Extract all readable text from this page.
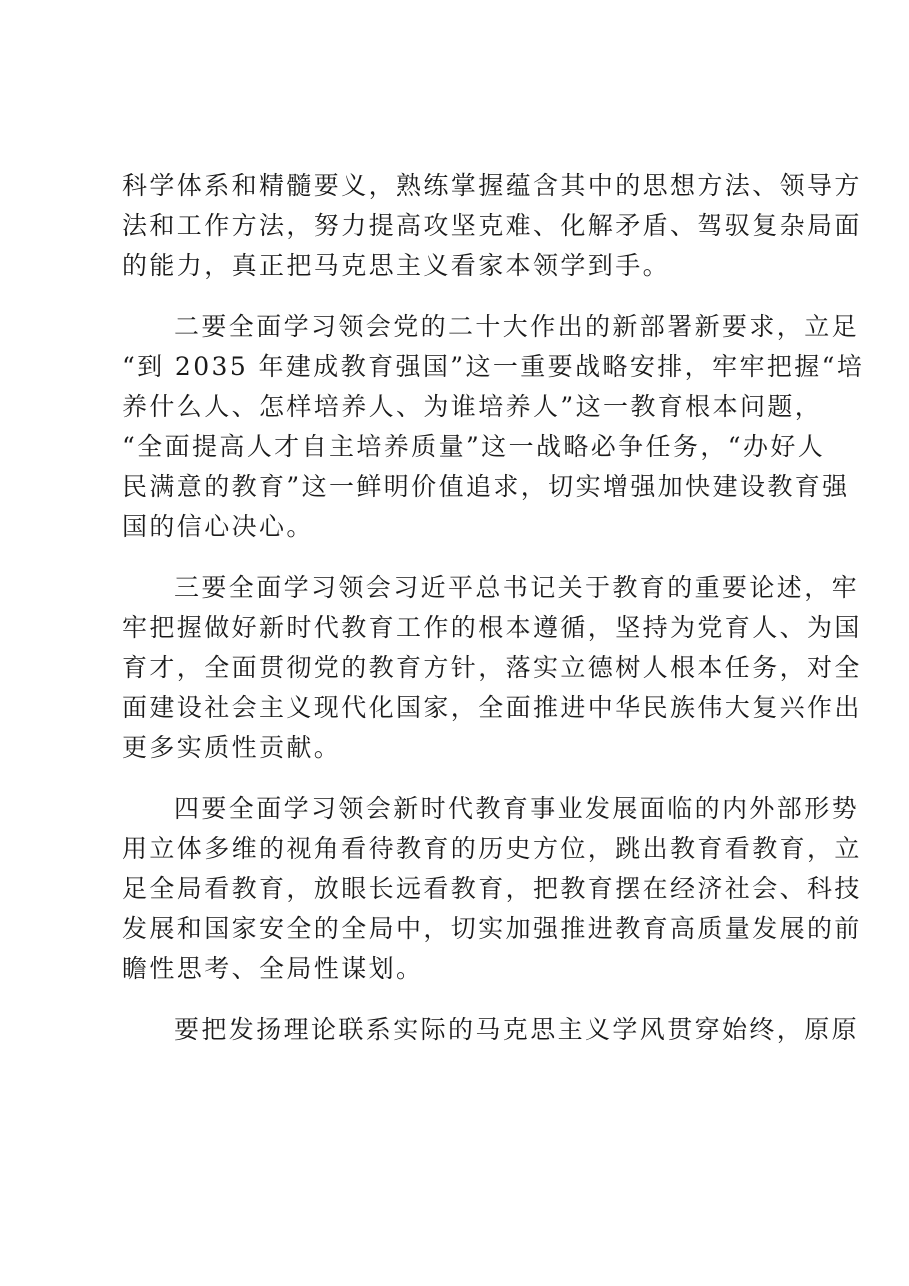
科学体系和精髓要义，熟练掌握蕴含其中的思想方法、领导方
法和工作方法，努力提高攻坚克难、化解矛盾、驾驭复杂局面
的能力，真正把马克思主义看家本领学到手。
二要全面学习领会党的二十大作出的新部署新要求，立足
“到 2035 年建成教育强国”这一重要战略安排，牢牢把握“培
养什么人、怎样培养人、为谁培养人”这一教育根本问题，
“全面提高人才自主培养质量”这一战略必争任务，“办好人
民满意的教育”这一鲜明价值追求，切实增强加快建设教育强
国的信心决心。
三要全面学习领会习近平总书记关于教育的重要论述，牢
牢把握做好新时代教育工作的根本遵循，坚持为党育人、为国
育才，全面贯彻党的教育方针，落实立德树人根本任务，对全
面建设社会主义现代化国家，全面推进中华民族伟大复兴作出
更多实质性贡献。
四要全面学习领会新时代教育事业发展面临的内外部形势
用立体多维的视角看待教育的历史方位，跳出教育看教育，立
足全局看教育，放眼长远看教育，把教育摆在经济社会、科技
发展和国家安全的全局中，切实加强推进教育高质量发展的前
瞻性思考、全局性谋划。
要把发扬理论联系实际的马克思主义学风贯穿始终，原原
